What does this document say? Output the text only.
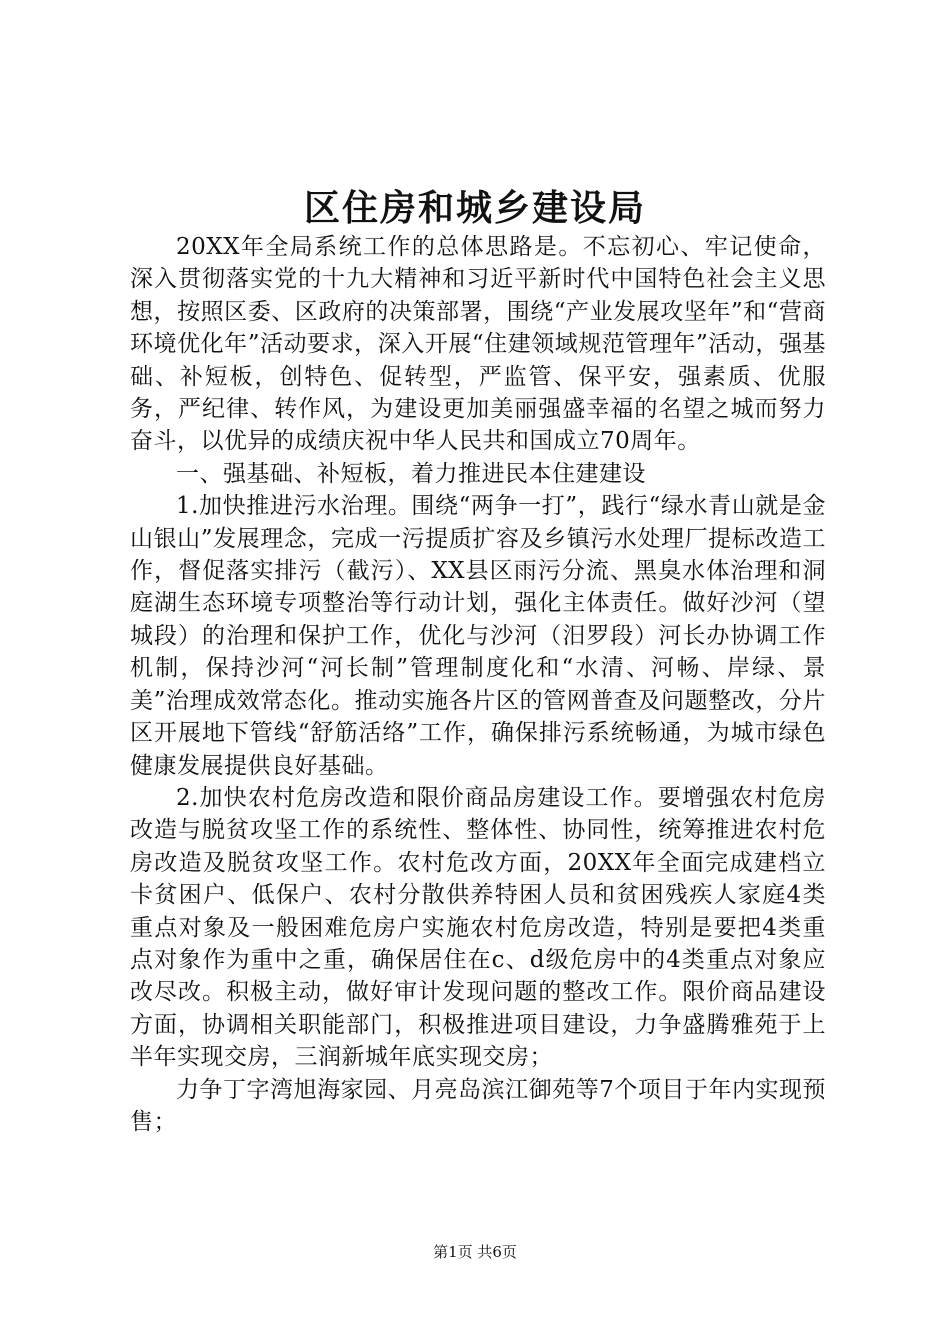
区住房和城乡建设局

20XX年全局系统工作的总体思路是。不忘初心、牢记使命，深入贯彻落实党的十九大精神和习近平新时代中国特色社会主义思想，按照区委、区政府的决策部署，围绕“产业发展攻坚年”和“营商环境优化年”活动要求，深入开展“住建领域规范管理年”活动，强基础、补短板，创特色、促转型，严监管、保平安，强素质、优服务，严纪律、转作风，为建设更加美丽强盛幸福的名望之城而努力奋斗，以优异的成绩庆祝中华人民共和国成立70周年。

一、强基础、补短板，着力推进民本住建建设

1.加快推进污水治理。围绕“两争一打”，践行“绿水青山就是金山银山”发展理念，完成一污提质扩容及乡镇污水处理厂提标改造工作，督促落实排污（截污）、XX县区雨污分流、黑臭水体治理和洞庭湖生态环境专项整治等行动计划，强化主体责任。做好沙河（望城段）的治理和保护工作，优化与沙河（汨罗段）河长办协调工作机制，保持沙河“河长制”管理制度化和“水清、河畅、岸绿、景美”治理成效常态化。推动实施各片区的管网普查及问题整改，分片区开展地下管线“舒筋活络”工作，确保排污系统畅通，为城市绿色健康发展提供良好基础。

2.加快农村危房改造和限价商品房建设工作。要增强农村危房改造与脱贫攻坚工作的系统性、整体性、协同性，统筹推进农村危房改造及脱贫攻坚工作。农村危改方面，20XX年全面完成建档立卡贫困户、低保户、农村分散供养特困人员和贫困残疾人家庭4类重点对象及一般困难危房户实施农村危房改造，特别是要把4类重点对象作为重中之重，确保居住在c、d级危房中的4类重点对象应改尽改。积极主动，做好审计发现问题的整改工作。限价商品建设方面，协调相关职能部门，积极推进项目建设，力争盛腾雅苑于上半年实现交房，三润新城年底实现交房；

力争丁字湾旭海家园、月亮岛滨江御苑等7个项目于年内实现预售；

第1页 共6页
